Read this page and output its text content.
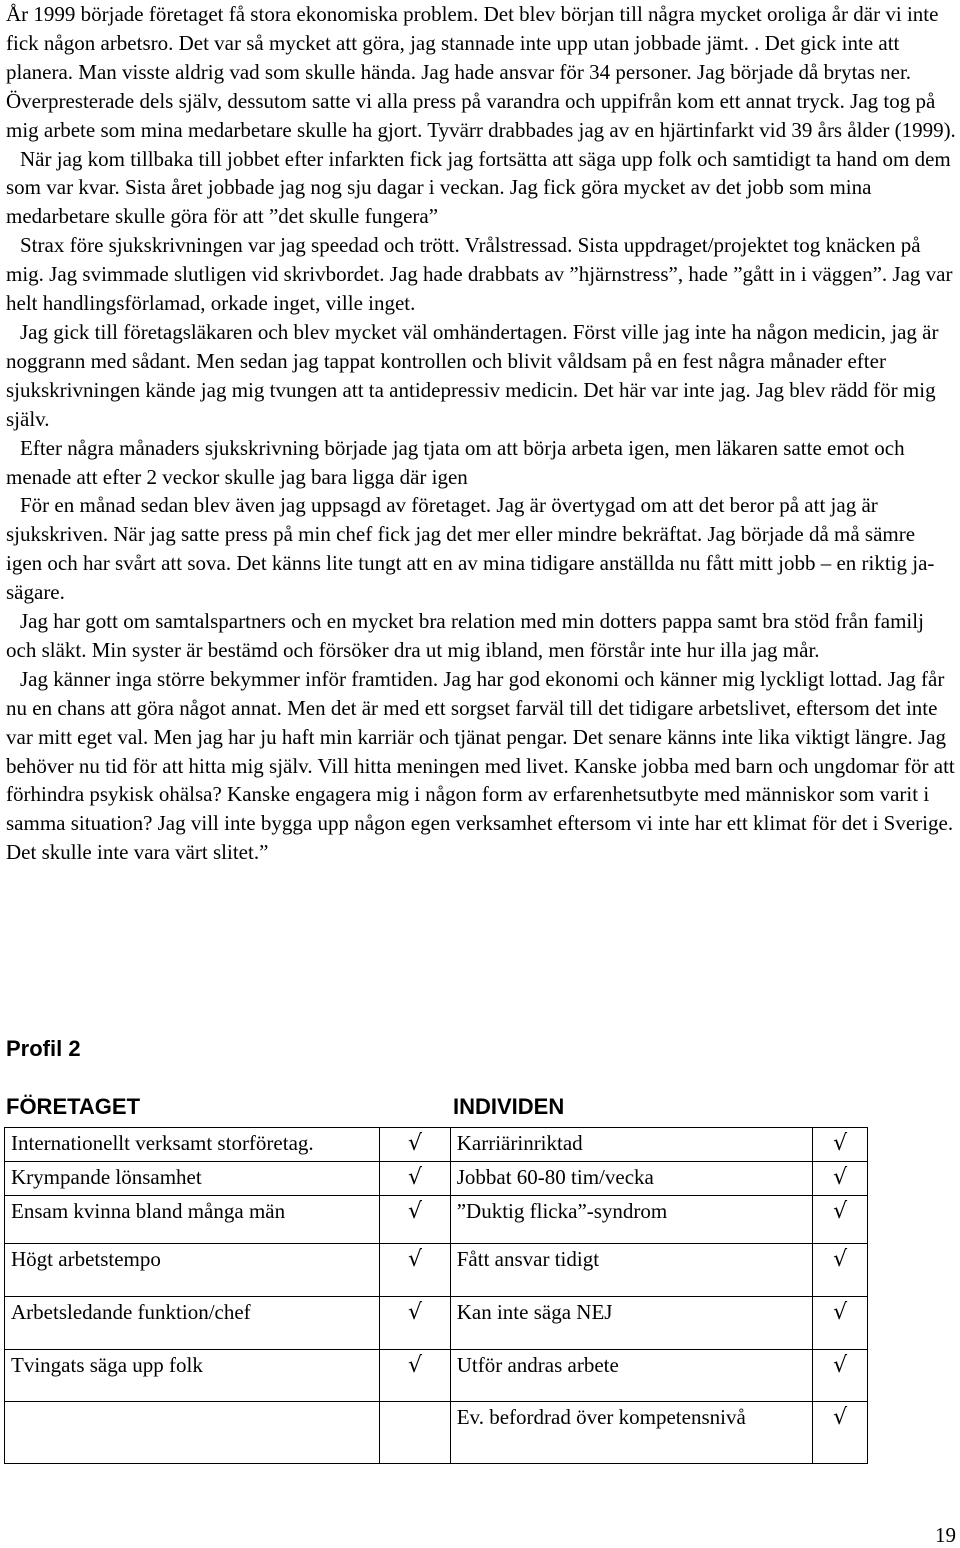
År 1999 började företaget få stora ekonomiska problem. Det blev början till några mycket oroliga år där vi inte fick någon arbetsro. Det var så mycket att göra, jag stannade inte upp utan jobbade jämt. . Det gick inte att planera. Man visste aldrig vad som skulle hända. Jag hade ansvar för 34 personer. Jag började då brytas ner. Överpresterade dels själv, dessutom satte vi alla press på varandra och uppifrån kom ett annat tryck. Jag tog på mig arbete som mina medarbetare skulle ha gjort. Tyvärr drabbades jag av en hjärtinfarkt vid 39 års ålder (1999).

När jag kom tillbaka till jobbet efter infarkten fick jag fortsätta att säga upp folk och samtidigt ta hand om dem som var kvar. Sista året jobbade jag nog sju dagar i veckan. Jag fick göra mycket av det jobb som mina medarbetare skulle göra för att ”det skulle fungera”

Strax före sjukskrivningen var jag speedad och trött. Vrålstressad. Sista uppdraget/projektet tog knäcken på mig. Jag svimmade slutligen vid skrivbordet. Jag hade drabbats av ”hjärnstress”, hade ”gått in i väggen”. Jag var helt handlingsförlamad, orkade inget, ville inget.

Jag gick till företagsläkaren och blev mycket väl omhändertagen. Först ville jag inte ha någon medicin, jag är noggrann med sådant. Men sedan jag tappat kontrollen och blivit våldsam på en fest några månader efter sjukskrivningen kände jag mig tvungen att ta antidepressiv medicin. Det här var inte jag. Jag blev rädd för mig själv.

Efter några månaders sjukskrivning började jag tjata om att börja arbeta igen, men läkaren satte emot och menade att efter 2 veckor skulle jag bara ligga där igen

För en månad sedan blev även jag uppsagd av företaget. Jag är övertygad om att det beror på att jag är sjukskriven. När jag satte press på min chef fick jag det mer eller mindre bekräftat. Jag började då må sämre igen och har svårt att sova. Det känns lite tungt att en av mina tidigare anställda nu fått mitt jobb – en riktig ja-sägare.

Jag har gott om samtalspartners och en mycket bra relation med min dotters pappa samt bra stöd från familj och släkt. Min syster är bestämd och försöker dra ut mig ibland, men förstår inte hur illa jag mår.

Jag känner inga större bekymmer inför framtiden. Jag har god ekonomi och känner mig lyckligt lottad. Jag får nu en chans att göra något annat. Men det är med ett sorgset farväl till det tidigare arbetslivet, eftersom det inte var mitt eget val. Men jag har ju haft min karriär och tjänat pengar. Det senare känns inte lika viktigt längre. Jag behöver nu tid för att hitta mig själv. Vill hitta meningen med livet. Kanske jobba med barn och ungdomar för att förhindra psykisk ohälsa? Kanske engagera mig i någon form av erfarenhetsutbyte med människor som varit i samma situation? Jag vill inte bygga upp någon egen verksamhet eftersom vi inte har ett klimat för det i Sverige. Det skulle inte vara värt slitet.”

Profil 2
FÖRETAGET	INDIVIDEN
Internationellt verksamt storföretag.	√	Karriärinriktad	√
Krympande lönsamhet	√	Jobbat 60-80 tim/vecka	√
Ensam kvinna bland många män	√	”Duktig flicka”-syndrom	√
Högt arbetstempo	√	Fått ansvar tidigt	√
Arbetsledande funktion/chef	√	Kan inte säga NEJ	√
Tvingats säga upp folk	√	Utför andras arbete	√
		Ev. befordrad över kompetensnivå	√
19
